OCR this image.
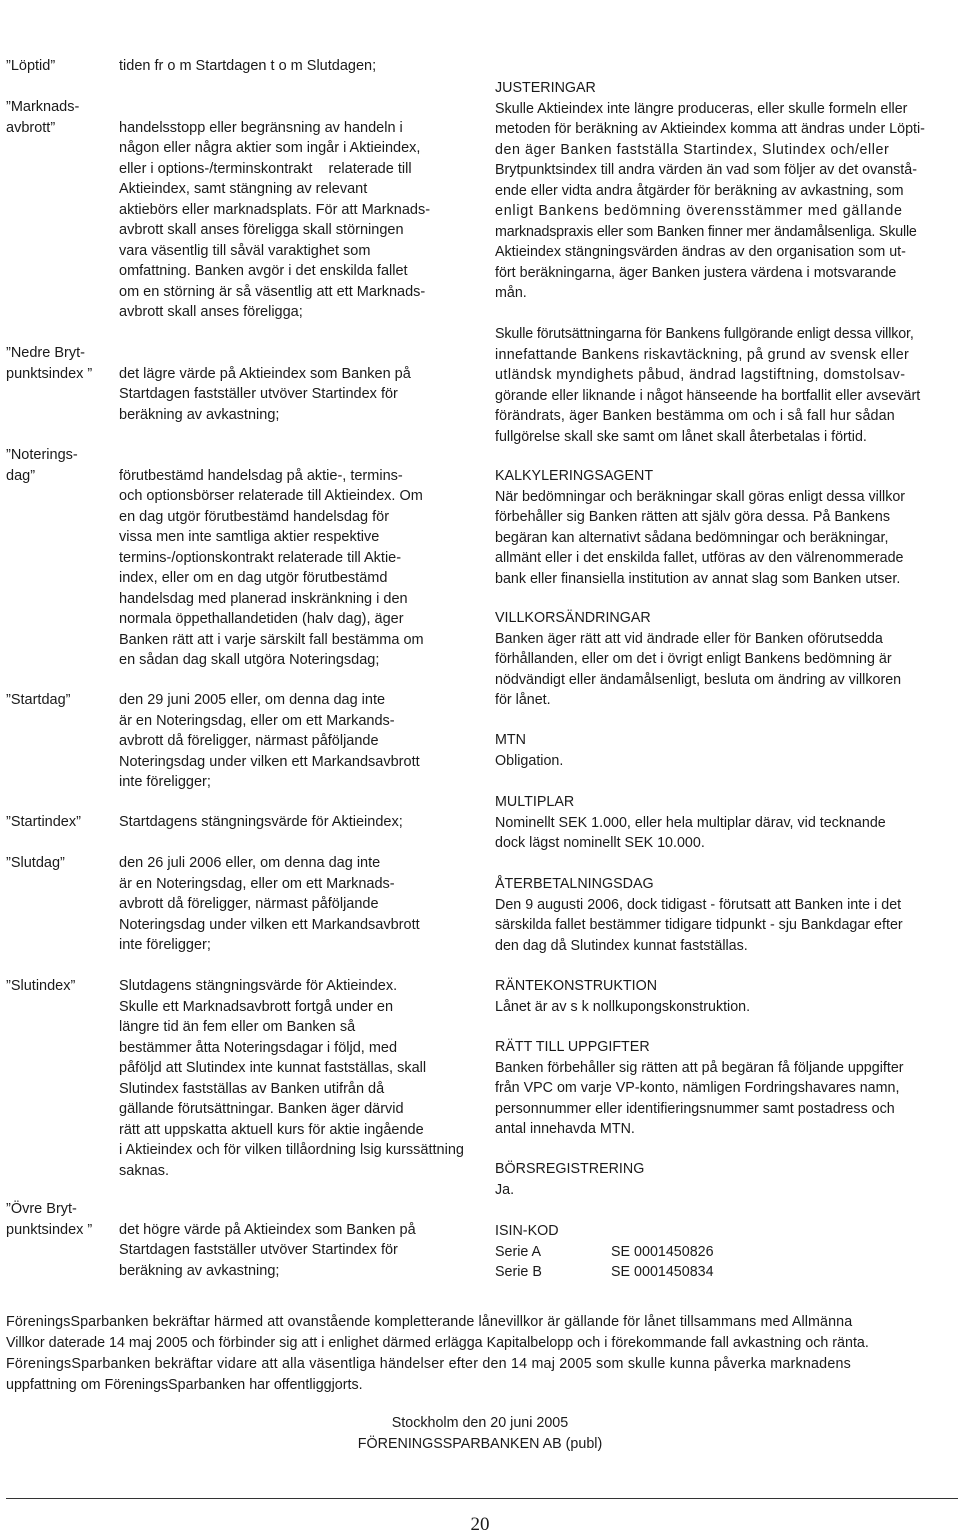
”Löptid”	tiden fr o m Startdagen t o m Slutdagen;
”Marknads-
avbrott”
	handelsstopp eller begränsning av handeln i
någon eller några aktier som ingår i Aktieindex,
eller i options-/terminskontrakt    relaterade till
Aktieindex, samt stängning av relevant
aktiebörs eller marknadsplats. För att Marknads-
avbrott skall anses föreligga skall störningen
vara väsentlig till såväl varaktighet som
omfattning. Banken avgör i det enskilda fallet
om en störning är så väsentlig att ett Marknads-
avbrott skall anses föreligga;
”Nedre Bryt-
punktsindex ”
	det lägre värde på Aktieindex som Banken på
Startdagen fastställer utvöver Startindex för
beräkning av avkastning;
”Noterings-
dag”
	förutbestämd handelsdag på aktie-, termins-
och optionsbörser relaterade till Aktieindex. Om
en dag utgör förutbestämd handelsdag för
vissa men inte samtliga aktier respektive
termins-/optionskontrakt relaterade till Aktie-
index, eller om en dag utgör förutbestämd
handelsdag med planerad inskränkning i den
normala öppethallandetiden (halv dag), äger
Banken rätt att i varje särskilt fall bestämma om
en sådan dag skall utgöra Noteringsdag;
”Startdag”	den 29 juni 2005 eller, om denna dag inte
är en Noteringsdag, eller om ett Markands-
avbrott då föreligger, närmast påföljande
Noteringsdag under vilken ett Markandsavbrott
inte föreligger;
”Startindex”	Startdagens stängningsvärde för Aktieindex;
”Slutdag”	den 26 juli 2006 eller, om denna dag inte
är en Noteringsdag, eller om ett Marknads-
avbrott då föreligger, närmast påföljande
Noteringsdag under vilken ett Markandsavbrott
inte föreligger;
”Slutindex”	Slutdagens stängningsvärde för Aktieindex.
Skulle ett Marknadsavbrott fortgå under en
längre tid än fem eller om Banken så
bestämmer åtta Noteringsdagar i följd, med
påföljd att Slutindex inte kunnat fastställas, skall
Slutindex fastställas av Banken utifrån då
gällande förutsättningar. Banken äger därvid
rätt att uppskatta aktuell kurs för aktie ingående
i Aktieindex och för vilken tillåordning lsig kurssättning
saknas.
”Övre Bryt-
punktsindex ”
	det högre värde på Aktieindex som Banken på
Startdagen fastställer utvöver Startindex för
beräkning av avkastning;
JUSTERINGAR
Skulle Aktieindex inte längre produceras, eller skulle formeln eller
metoden för beräkning av Aktieindex komma att ändras under Löpti-
den äger Banken fastställa Startindex, Slutindex och/eller
Brytpunktsindex till andra värden än vad som följer av det ovanstå-
ende eller vidta andra åtgärder för beräkning av avkastning, som
enligt Bankens bedömning överensstämmer med gällande
marknadspraxis eller som Banken finner mer ändamålsenliga. Skulle
Aktieindex stängningsvärden ändras av den organisation som ut-
fört beräkningarna, äger Banken justera värdena i motsvarande
mån.

Skulle förutsättningarna för Bankens fullgörande enligt dessa villkor,
innefattande Bankens riskavtäckning, på grund av svensk eller
utländsk myndighets påbud, ändrad lagstiftning, domstolsav-
görande eller liknande i något hänseende ha bortfallit eller avsevärt
förändrats, äger Banken bestämma om och i så fall hur sådan
fullgörelse skall ske samt om lånet skall återbetalas i förtid.
KALKYLERINGSAGENT
När bedömningar och beräkningar skall göras enligt dessa villkor
förbehåller sig Banken rätten att själv göra dessa. På Bankens
begäran kan alternativt sådana bedömningar och beräkningar,
allmänt eller i det enskilda fallet, utföras av den välrenommerade
bank eller finansiella institution av annat slag som Banken utser.
VILLKORSÄNDRINGAR
Banken äger rätt att vid ändrade eller för Banken oförutsedda
förhållanden, eller om det i övrigt enligt Bankens bedömning är
nödvändigt eller ändamålsenligt, besluta om ändring av villkoren
för lånet.
MTN
Obligation.
MULTIPLAR
Nominellt SEK 1.000, eller hela multiplar därav, vid tecknande
dock lägst nominellt SEK 10.000.
ÅTERBETALNINGSDAG
Den 9 augusti 2006, dock tidigast - förutsatt att Banken inte i det
särskilda fallet bestämmer tidigare tidpunkt - sju Bankdagar efter
den dag då Slutindex kunnat fastställas.
RÄNTEKONSTRUKTION
Lånet är av s k nollkupongskonstruktion.
RÄTT TILL UPPGIFTER
Banken förbehåller sig rätten att på begäran få följande uppgifter
från VPC om varje VP-konto, nämligen Fordringshavares namn,
personnummer eller identifieringsnummer samt postadress och
antal innehavda MTN.
BÖRSREGISTRERING
Ja.
ISIN-KOD
Serie A	SE 0001450826
Serie B	SE 0001450834
FöreningsSparbanken bekräftar härmed att ovanstående kompletterande lånevillkor är gällande för lånet tillsammans med Allmänna
Villkor daterade 14 maj 2005 och förbinder sig att i enlighet därmed erlägga Kapitalbelopp och i förekommande fall avkastning och ränta.
FöreningsSparbanken bekräftar vidare att alla väsentliga händelser efter den 14 maj 2005 som skulle kunna påverka marknadens
uppfattning om FöreningsSparbanken har offentliggjorts.
Stockholm den 20 juni 2005
FÖRENINGSSPARBANKEN AB (publ)
20
